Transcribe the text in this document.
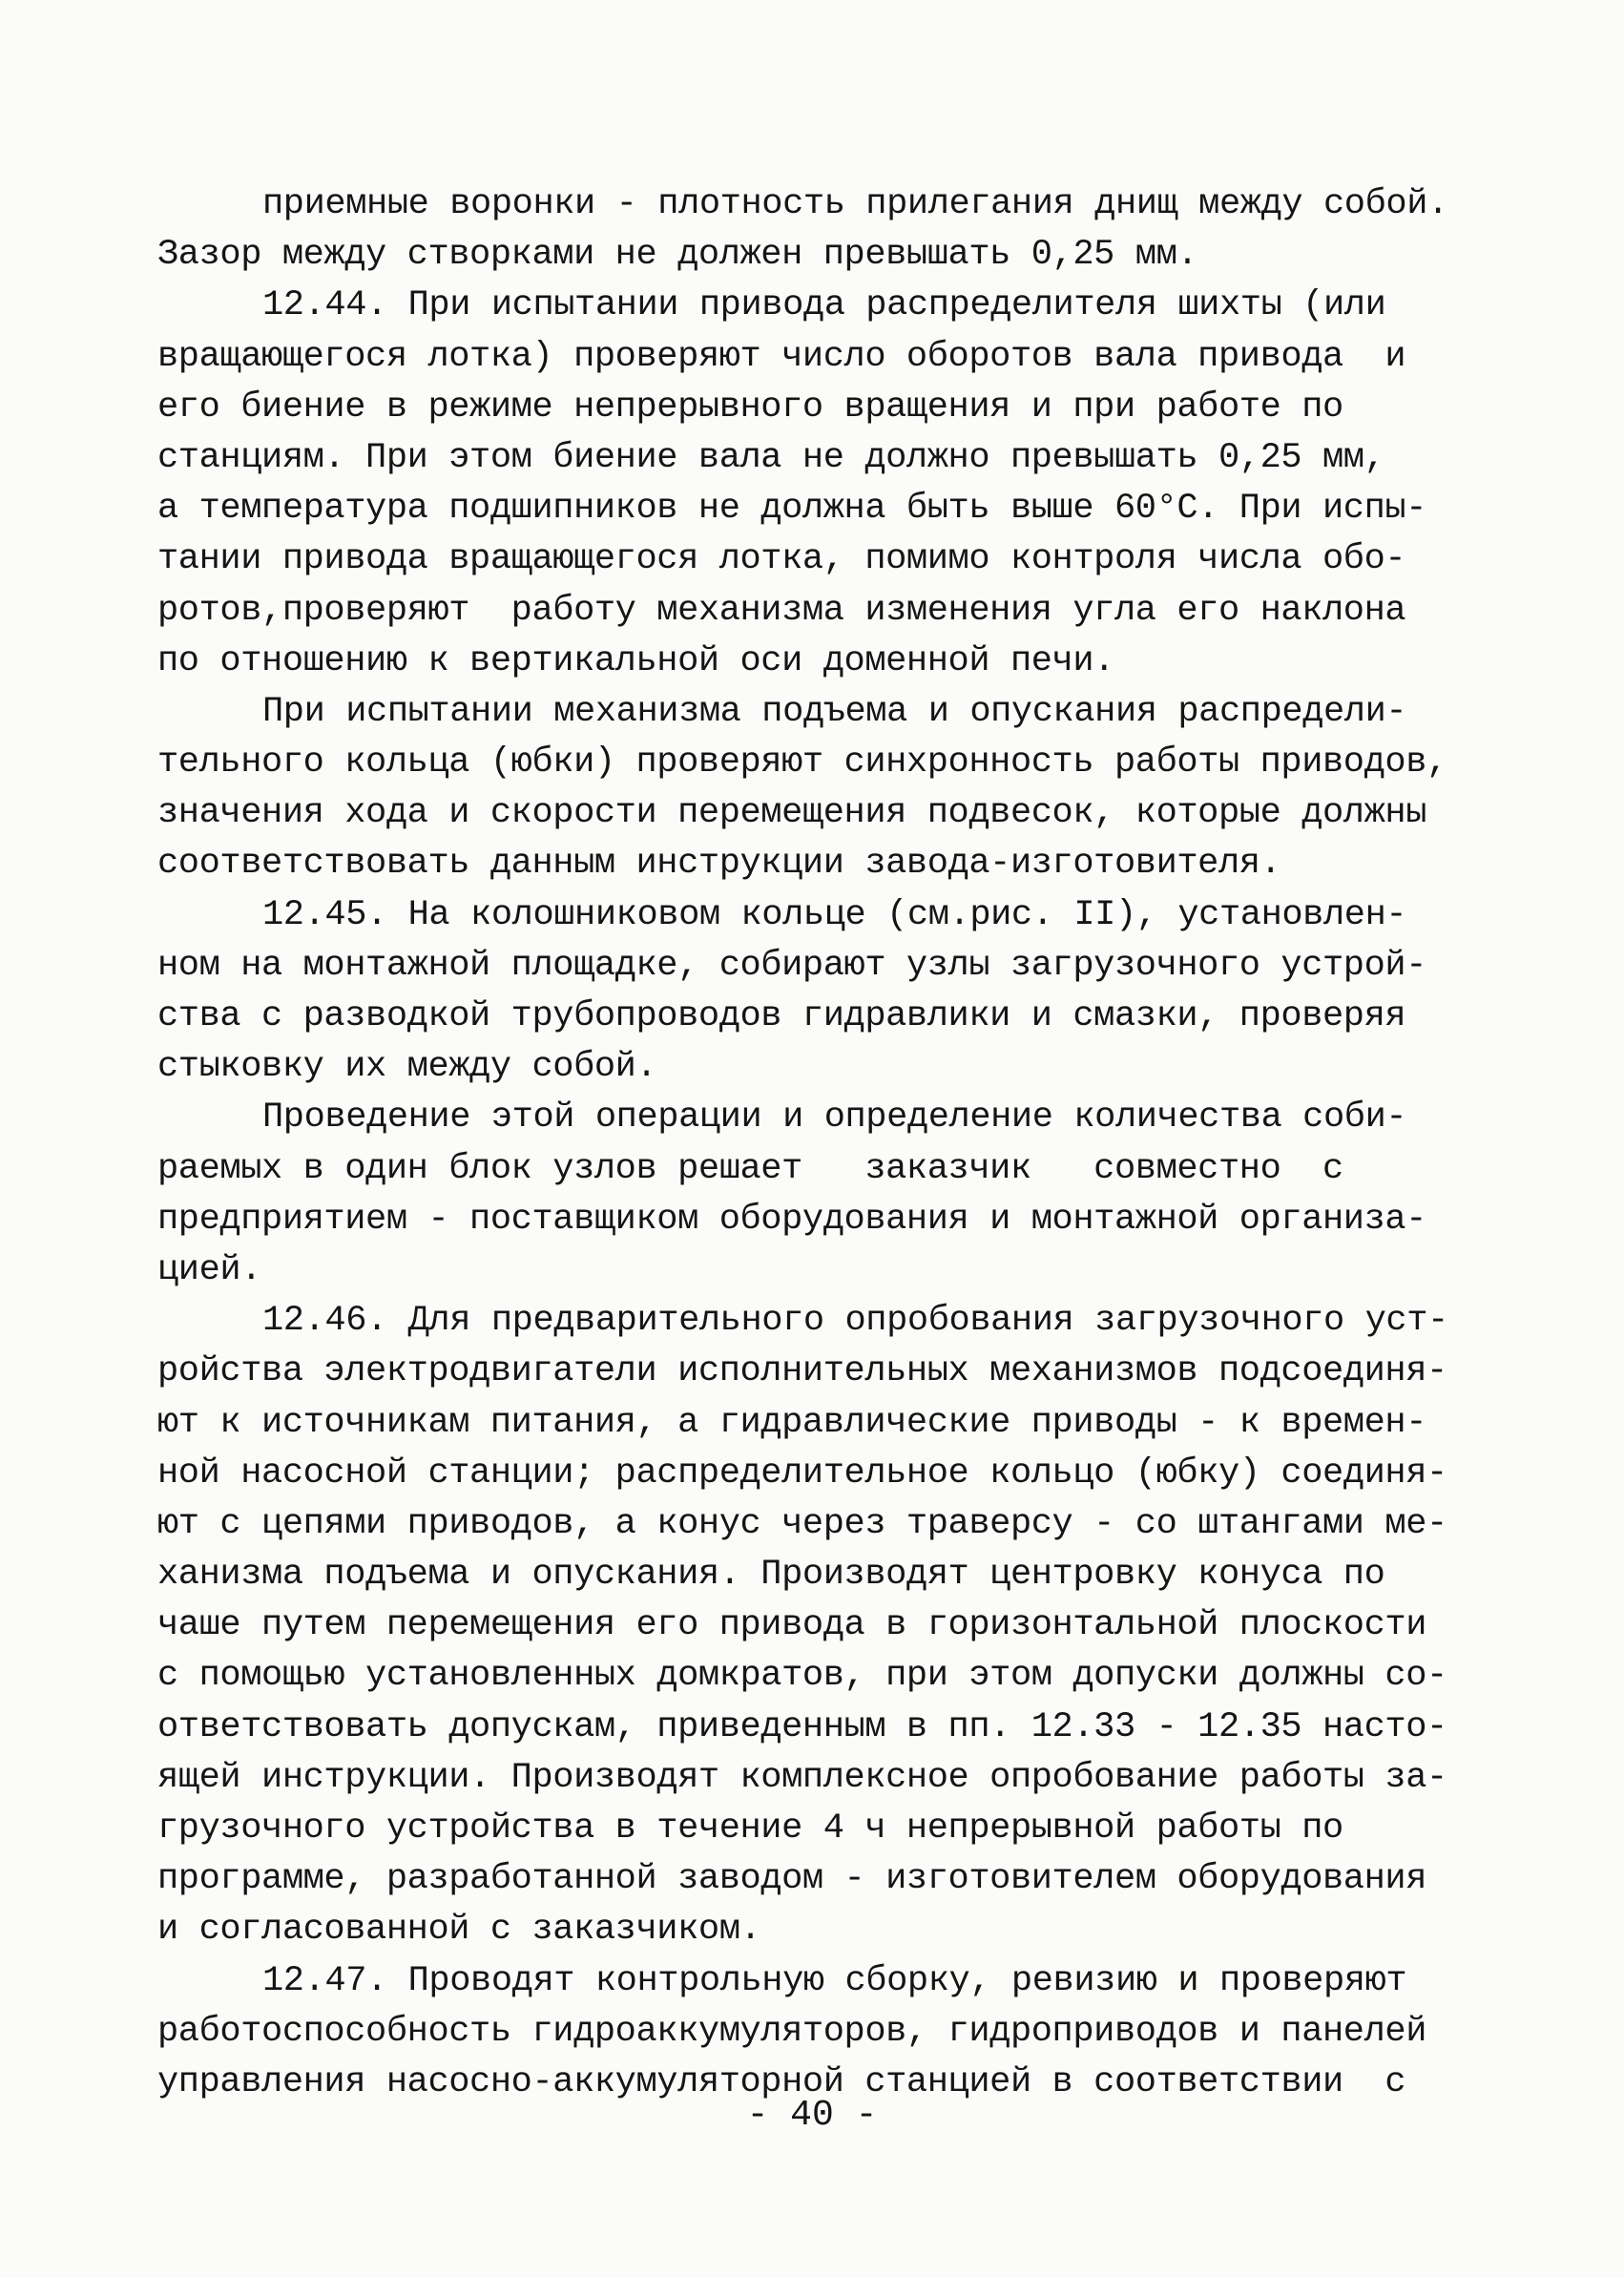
приемные воронки - плотность прилегания днищ между собой.
Зазор между створками не должен превышать 0,25 мм.
12.44. При испытании привода распределителя шихты (или
вращающегося лотка) проверяют число оборотов вала привода  и
его биение в режиме непрерывного вращения и при работе по
станциям. При этом биение вала не должно превышать 0,25 мм,
а температура подшипников не должна быть выше 60°С. При испы-
тании привода вращающегося лотка, помимо контроля числа обо-
ротов,проверяют  работу механизма изменения угла его наклона
по отношению к вертикальной оси доменной печи.
При испытании механизма подъема и опускания распредели-
тельного кольца (юбки) проверяют синхронность работы приводов,
значения хода и скорости перемещения подвесок, которые должны
соответствовать данным инструкции завода-изготовителя.
12.45. На колошниковом кольце (см.рис. II), установлен-
ном на монтажной площадке, собирают узлы загрузочного устрой-
ства с разводкой трубопроводов гидравлики и смазки, проверяя
стыковку их между собой.
Проведение этой операции и определение количества соби-
раемых в один блок узлов решает   заказчик   совместно  с
предприятием - поставщиком оборудования и монтажной организа-
цией.
12.46. Для предварительного опробования загрузочного уст-
ройства электродвигатели исполнительных механизмов подсоединя-
ют к источникам питания, а гидравлические приводы - к времен-
ной насосной станции; распределительное кольцо (юбку) соединя-
ют с цепями приводов, а конус через траверсу - со штангами ме-
ханизма подъема и опускания. Производят центровку конуса по
чаше путем перемещения его привода в горизонтальной плоскости
с помощью установленных домкратов, при этом допуски должны со-
ответствовать допускам, приведенным в пп. 12.33 - 12.35 насто-
ящей инструкции. Производят комплексное опробование работы за-
грузочного устройства в течение 4 ч непрерывной работы по
программе, разработанной заводом - изготовителем оборудования
и согласованной с заказчиком.
12.47. Проводят контрольную сборку, ревизию и проверяют
работоспособность гидроаккумуляторов, гидроприводов и панелей
управления насосно-аккумуляторной станцией в соответствии  с
- 40 -
